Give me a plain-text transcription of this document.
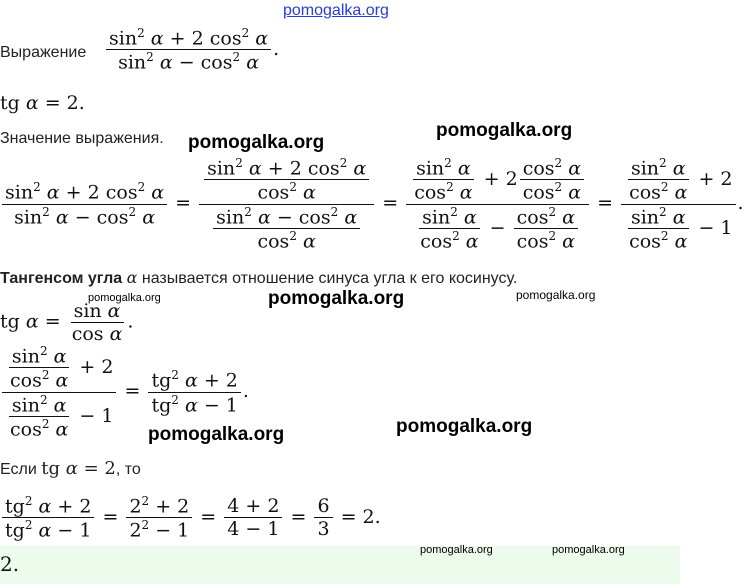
pomogalka.org
Выражение $\frac{\sin^2 \alpha + 2 \cos^2 \alpha}{\sin^2 \alpha - \cos^2 \alpha}$ .
tg α = 2.
Значение выражения. pomogalka.org
pomogalka.org
$\frac{\sin^2 \alpha + 2 \cos^2 \alpha}{\sin^2 \alpha - \cos^2 \alpha} = \frac{\frac{\sin^2 \alpha + 2 \cos^2 \alpha}{\cos^2 \alpha}}{\frac{\sin^2 \alpha - \cos^2 \alpha}{\cos^2 \alpha}} = \frac{\frac{\sin^2 \alpha}{\cos^2 \alpha} + 2 \frac{\cos^2 \alpha}{\cos^2 \alpha}}{\frac{\sin^2 \alpha}{\cos^2 \alpha} - \frac{\cos^2 \alpha}{\cos^2 \alpha}} = \frac{\frac{\sin^2 \alpha}{\cos^2 \alpha} + 2}{\frac{\sin^2 \alpha}{\cos^2 \alpha} - 1}$ .
Тангенсом угла α называется отношение синуса угла к его косинусу.
pomogalka.org	pomogalka.org	pomogalka.org
tg $\alpha = \frac{\text{sin α}}{\text{cos α}}$ .
$\frac{\frac{\sin^2 \alpha}{\cos^2 \alpha} + 2}{\frac{\sin^2 \alpha}{\cos^2 \alpha} - 1} = \frac{tg^2 \alpha + 2}{tg^2 \alpha - 1}$ .
pomogalka.org	pomogalka.org
Если tg α = 2, то
$\frac{tg^2 \alpha + 2}{tg^2 \alpha - 1} = \frac{2^2 + 2}{2^2 - 1} = \frac{4 + 2}{4 - 1} = \frac{6}{3} = 2$.
pomogalka.org	pomogalka.org
2.
